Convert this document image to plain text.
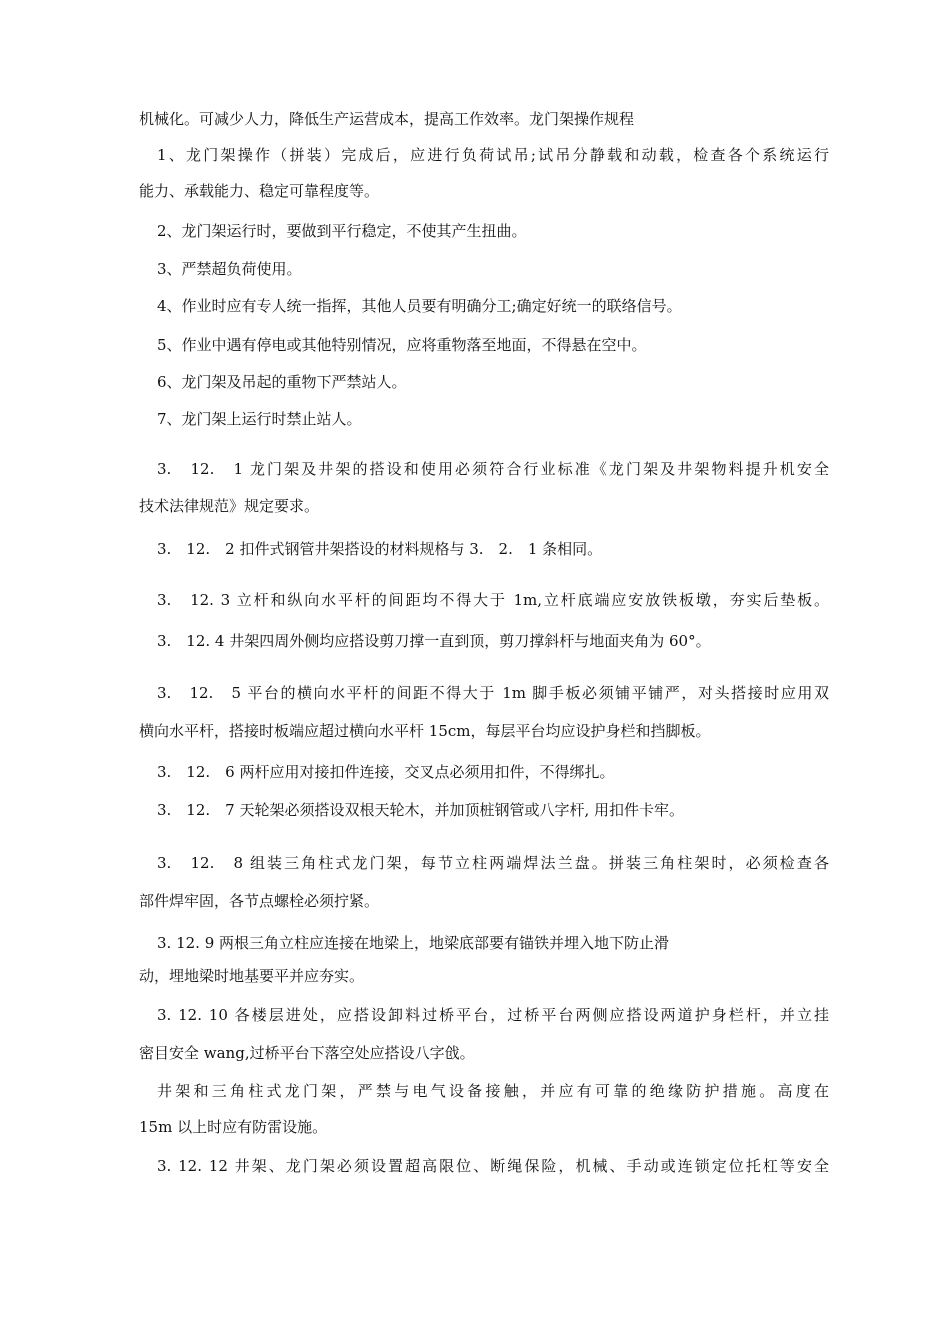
机械化。可减少人力，降低生产运营成本，提高工作效率。龙门架操作规程
1、龙门架操作（拼装）完成后，应进行负荷试吊;试吊分静载和动载，检查各个系统运行
能力、承载能力、稳定可靠程度等。
2、龙门架运行时，要做到平行稳定，不使其产生扭曲。
3、严禁超负荷使用。
4、作业时应有专人统一指挥，其他人员要有明确分工;确定好统一的联络信号。
5、作业中遇有停电或其他特别情况，应将重物落至地面，不得悬在空中。
6、龙门架及吊起的重物下严禁站人。
7、龙门架上运行时禁止站人。
3.　12.　1 龙门架及井架的搭设和使用必须符合行业标准《龙门架及井架物料提升机安全
技术法律规范》规定要求。
3.　12.　2 扣件式钢管井架搭设的材料规格与 3.　2.　1 条相同。
3.　12. 3 立杆和纵向水平杆的间距均不得大于 1m,立杆底端应安放铁板墩，夯实后垫板。
3.　12. 4 井架四周外侧均应搭设剪刀撑一直到顶，剪刀撑斜杆与地面夹角为 60°。
3.　12.　5 平台的横向水平杆的间距不得大于 1m 脚手板必须铺平铺严，对头搭接时应用双
横向水平杆，搭接时板端应超过横向水平杆 15cm，每层平台均应设护身栏和挡脚板。
3.　12.　6 两杆应用对接扣件连接，交叉点必须用扣件，不得绑扎。
3.　12.　7 天轮架必须搭设双根天轮木，并加顶桩钢管或八字杆, 用扣件卡牢。
3.　12.　8 组装三角柱式龙门架，每节立柱两端焊法兰盘。拼装三角柱架时，必须检查各
部件焊牢固，各节点螺栓必须拧紧。
3. 12. 9 两根三角立柱应连接在地梁上，地梁底部要有锚铁并埋入地下防止滑
动，埋地梁时地基要平并应夯实。
3. 12. 10 各楼层进处，应搭设卸料过桥平台，过桥平台两侧应搭设两道护身栏杆，并立挂
密目安全 wang,过桥平台下落空处应搭设八字戗。
井架和三角柱式龙门架，严禁与电气设备接触，并应有可靠的绝缘防护措施。高度在
15m 以上时应有防雷设施。
3. 12. 12 井架、龙门架必须设置超高限位、断绳保险，机械、手动或连锁定位托杠等安全
